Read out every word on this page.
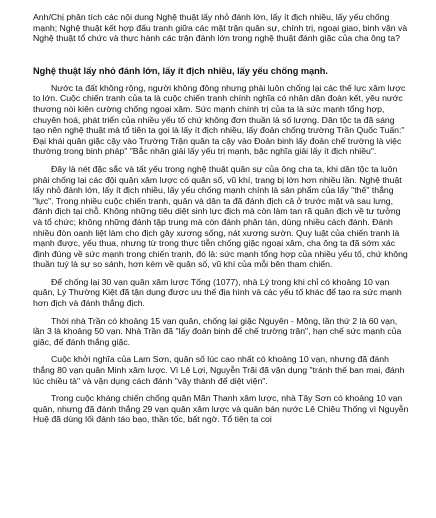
Anh/Chị phân tích các nội dung Nghệ thuật lấy nhỏ đánh lớn, lấy ít địch nhiều, lấy yếu chống mạnh; Nghệ thuật kết hợp đấu tranh giữa các mặt trận quân sự, chính trị, ngoại giao, binh vận và Nghệ thuật tổ chức và thực hành các trận đánh lớn trong nghệ thuật đánh giặc của cha ông ta?

Nghệ thuật lấy nhỏ đánh lớn, lấy ít địch nhiều, lấy yếu chống mạnh.

Nước ta đất không rộng, người không đông nhưng phải luôn chống lại các thế lực xâm lược to lớn. Cuộc chiến tranh của ta là cuộc chiến tranh chính nghĩa có nhân dân đoàn kết, yêu nước thương nòi kiên cường chống ngoại xâm. Sức mạnh chính trị của ta là sức mạnh tổng hợp, chuyên hoá, phát triển của nhiều yếu tố chứ không đơn thuần là số lượng. Dân tộc ta đã sáng tạo nên nghệ thuật mà tổ tiên ta gọi là lấy ít địch nhiều, lấy đoản chống trường Trần Quốc Tuấn:" Đại khái quân giặc cậy vào Trường Trận quân ta cậy vào Đoản binh lấy đoản chế trường là việc thường trong binh pháp" "Bắc nhân giải lấy yếu trị mạnh, bậc nghĩa giải lấy ít địch nhiều".

Đây là nét đặc sắc và tất yếu trong nghệ thuật quân sự của ông cha ta, khi dân tộc ta luôn phải chống lại các đội quân xâm lược có quân số, vũ khí, trang bị lớn hơn nhiều lần. Nghệ thuật lấy nhỏ đánh lớn, lấy ít địch nhiều, lấy yếu chống mạnh chính là sản phẩm của lấy "thế" thắng "lực". Trong nhiều cuộc chiến tranh, quân và dân ta đã đánh địch cả ở trước mặt và sau lưng, đánh địch tại chỗ. Không những tiêu diệt sinh lực địch mà còn làm tan rã quân địch về tư tưởng và tổ chức; không những đánh tập trung mà còn đánh phân tán, dùng nhiều cách đánh. Đánh nhiều đòn oanh liệt làm cho địch gây xương sống, nát xương sườn. Quy luật của chiến tranh là mạnh được, yếu thua, nhưng từ trong thực tiễn chống giặc ngoại xâm, cha ông ta đã sớm xác định đúng về sức mạnh trong chiến tranh, đó là: sức mạnh tổng hợp của nhiều yếu tố, chứ không thuần tuý là sự so sánh, hơn kém về quân số, vũ khí của mỗi bên tham chiến.

Để chống lại 30 vạn quân xâm lược Tống (1077), nhà Lý trong khi chỉ có khoảng 10 vạn quân, Lý Thường Kiệt đã tận dụng được ưu thế địa hình và các yếu tố khác để tạo ra sức mạnh hơn địch và đánh thắng địch.

Thời nhà Trần có khoảng 15 vạn quân, chống lại giặc Nguyên - Mông, lần thứ 2 là 60 vạn, lần 3 là khoảng 50 vạn. Nhà Trần đã "lấy đoản binh để chế trường trận", hạn chế sức mạnh của giặc, để đánh thắng giặc.

Cuộc khởi nghĩa của Lam Sơn, quân số lúc cao nhất có khoảng 10 vạn, nhưng đã đánh thắng 80 vạn quân Minh xâm lược. Vì Lê Lợi, Nguyễn Trãi đã vận dụng "tránh thế ban mai, đánh lúc chiều tà" và vận dụng cách đánh "vây thành để diệt viện".

Trong cuộc kháng chiến chống quân Mãn Thanh xâm lược, nhà Tây Sơn có khoảng 10 vạn quân, nhưng đã đánh thắng 29 vạn quân xâm lược và quân bán nước Lê Chiêu Thống vì Nguyễn Huệ đã dùng lối đánh táo bạo, thần tốc, bất ngờ. Tổ tiên ta coi
